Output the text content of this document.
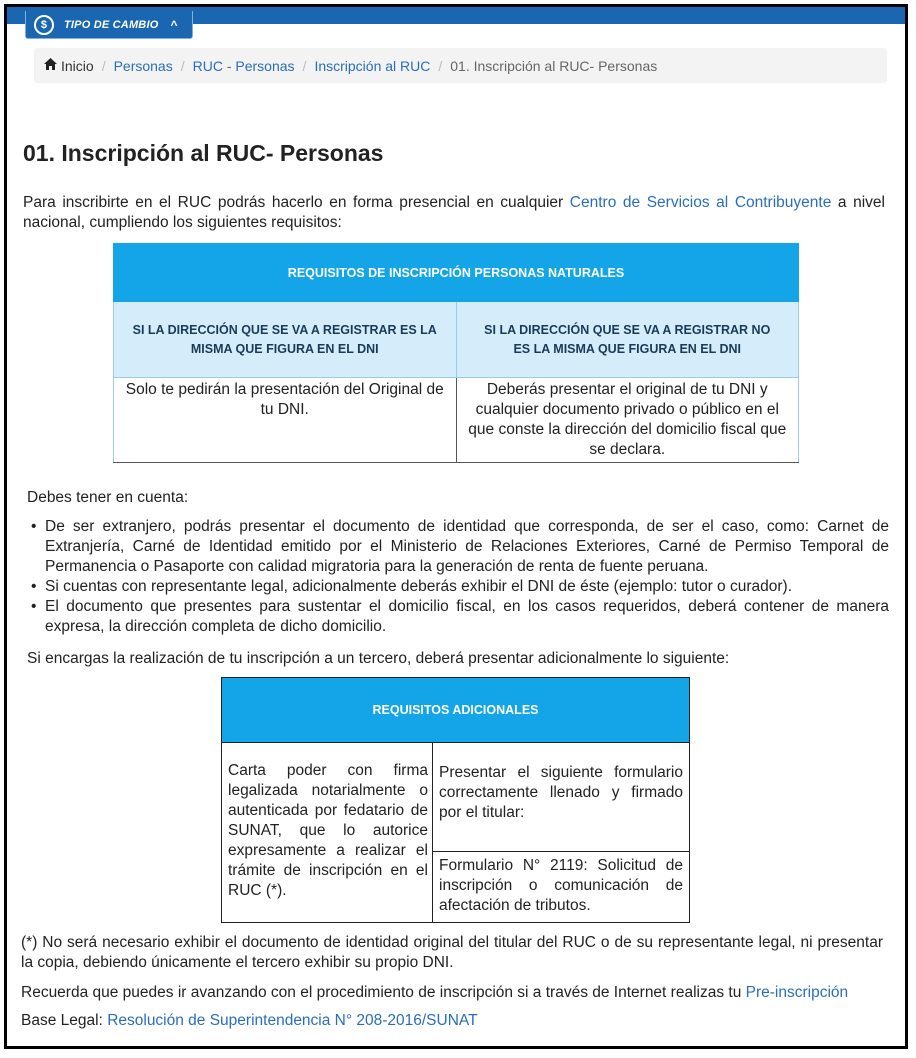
$	TIPO DE CAMBIO ^
Inicio / Personas / RUC - Personas / Inscripción al RUC / 01. Inscripción al RUC- Personas
01. Inscripción al RUC- Personas

Para inscribirte en el RUC podrás hacerlo en forma presencial en cualquier Centro de Servicios al Contribuyente a nivel nacional, cumpliendo los siguientes requisitos:

REQUISITOS DE INSCRIPCIÓN PERSONAS NATURALES	
SI LA DIRECCIÓN QUE SE VA A REGISTRAR ES LA MISMA QUE FIGURA EN EL DNI	SI LA DIRECCIÓN QUE SE VA A REGISTRAR NO ES LA MISMA QUE FIGURA EN EL DNI
Solo te pedirán la presentación del Original de tu DNI.	Deberás presentar el original de tu DNI y cualquier documento privado o público en el que conste la dirección del domicilio fiscal que se declara.

Debes tener en cuenta:

• De ser extranjero, podrás presentar el documento de identidad que corresponda, de ser el caso, como: Carnet de Extranjería, Carné de Identidad emitido por el Ministerio de Relaciones Exteriores, Carné de Permiso Temporal de Permanencia o Pasaporte con calidad migratoria para la generación de renta de fuente peruana.
• Si cuentas con representante legal, adicionalmente deberás exhibir el DNI de éste (ejemplo: tutor o curador).
• El documento que presentes para sustentar el domicilio fiscal, en los casos requeridos, deberá contener de manera expresa, la dirección completa de dicho domicilio.

Si encargas la realización de tu inscripción a un tercero, deberá presentar adicionalmente lo siguiente:

REQUISITOS ADICIONALES
Carta poder con firma legalizada notarialmente o autenticada por fedatario de SUNAT, que lo autorice expresamente a realizar el trámite de inscripción en el RUC (*).	Presentar el siguiente formulario correctamente llenado y firmado por el titular:
Formulario N° 2119: Solicitud de inscripción o comunicación de afectación de tributos.

(*) No será necesario exhibir el documento de identidad original del titular del RUC o de su representante legal, ni presentar la copia, debiendo únicamente el tercero exhibir su propio DNI.

Recuerda que puedes ir avanzando con el procedimiento de inscripción si a través de Internet realizas tu Pre-inscripción

Base Legal: Resolución de Superintendencia N° 208-2016/SUNAT
